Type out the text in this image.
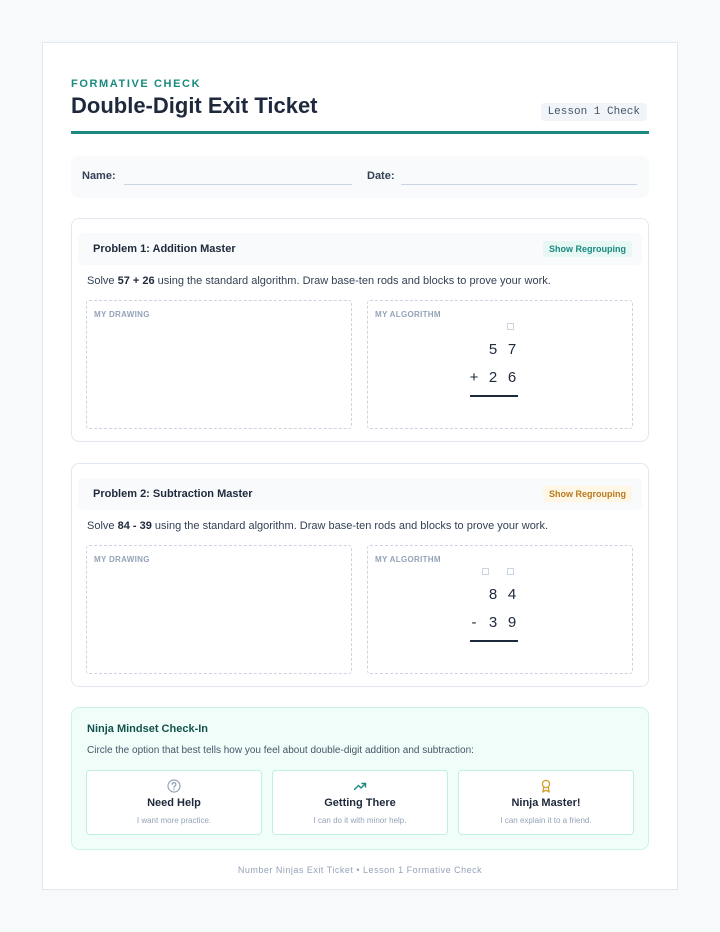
FORMATIVE CHECK
Double-Digit Exit Ticket	Lesson 1 Check
Name:	Date:
Problem 1: Addition Master	Show Regrouping
Solve 57 + 26 using the standard algorithm. Draw base-ten rods and blocks to prove your work.
MY DRAWING	MY ALGORITHM
5 7
+ 2 6
Problem 2: Subtraction Master	Show Regrouping
Solve 84 - 39 using the standard algorithm. Draw base-ten rods and blocks to prove your work.
MY DRAWING	MY ALGORITHM
8 4
- 3 9
Ninja Mindset Check-In
Circle the option that best tells how you feel about double-digit addition and subtraction:
Need Help
I want more practice.
Getting There
I can do it with minor help.
Ninja Master!
I can explain it to a friend.
Number Ninjas Exit Ticket • Lesson 1 Formative Check
